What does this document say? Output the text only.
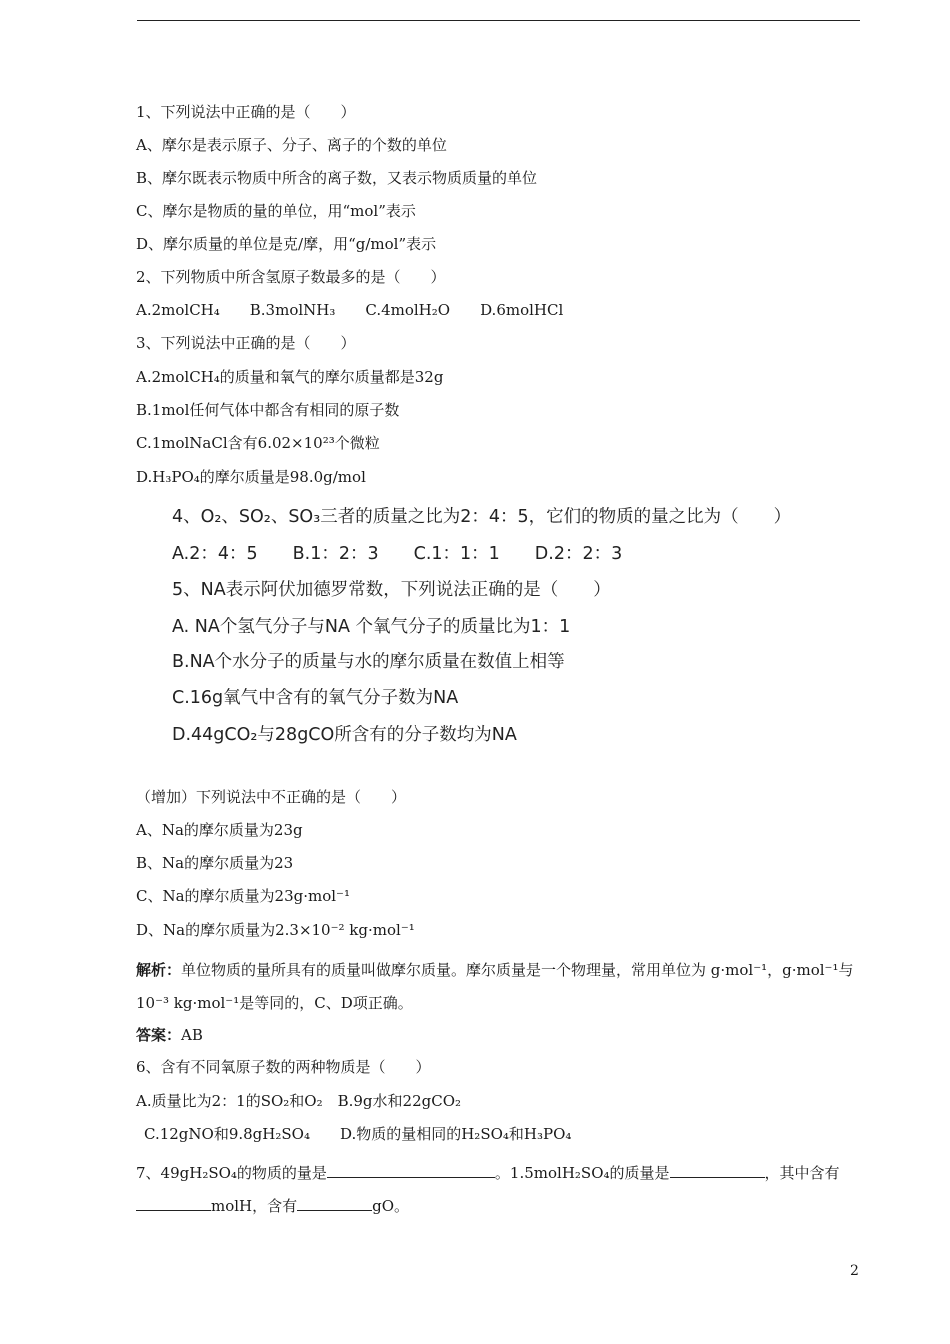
1、下列说法中正确的是（　　）
A、摩尔是表示原子、分子、离子的个数的单位
B、摩尔既表示物质中所含的离子数，又表示物质质量的单位
C、摩尔是物质的量的单位，用“mol”表示
D、摩尔质量的单位是克/摩，用“g/mol”表示
2、下列物质中所含氢原子数最多的是（　　）
A.2molCH₄　　B.3molNH₃　　C.4molH₂O　　D.6molHCl
3、下列说法中正确的是（　　）
A.2molCH₄的质量和氧气的摩尔质量都是32g
B.1mol任何气体中都含有相同的原子数
C.1molNaCl含有6.02×10²³个微粒
D.H₃PO₄的摩尔质量是98.0g/mol
4、O₂、SO₂、SO₃三者的质量之比为2：4：5，它们的物质的量之比为（　　）
A.2：4：5　　B.1：2：3　　C.1：1：1　　D.2：2：3
5、NA表示阿伏加德罗常数，下列说法正确的是（　　）
A. NA个氢气分子与NA 个氧气分子的质量比为1：1
B.NA个水分子的质量与水的摩尔质量在数值上相等
C.16g氧气中含有的氧气分子数为NA
D.44gCO₂与28gCO所含有的分子数均为NA
（增加）下列说法中不正确的是（　　）
A、Na的摩尔质量为23g
B、Na的摩尔质量为23
C、Na的摩尔质量为23g·mol⁻¹
D、Na的摩尔质量为2.3×10⁻² kg·mol⁻¹
解析：单位物质的量所具有的质量叫做摩尔质量。摩尔质量是一个物理量，常用单位为 g·mol⁻¹，g·mol⁻¹与10⁻³ kg·mol⁻¹是等同的，C、D项正确。
答案：AB
6、含有不同氧原子数的两种物质是（　　）
A.质量比为2：1的SO₂和O₂　B.9g水和22gCO₂
C.12gNO和9.8gH₂SO₄　　D.物质的量相同的H₂SO₄和H₃PO₄
7、49gH₂SO₄的物质的量是	。1.5molH₂SO₄的质量是	，其中含有molH，含有	gO。
2
